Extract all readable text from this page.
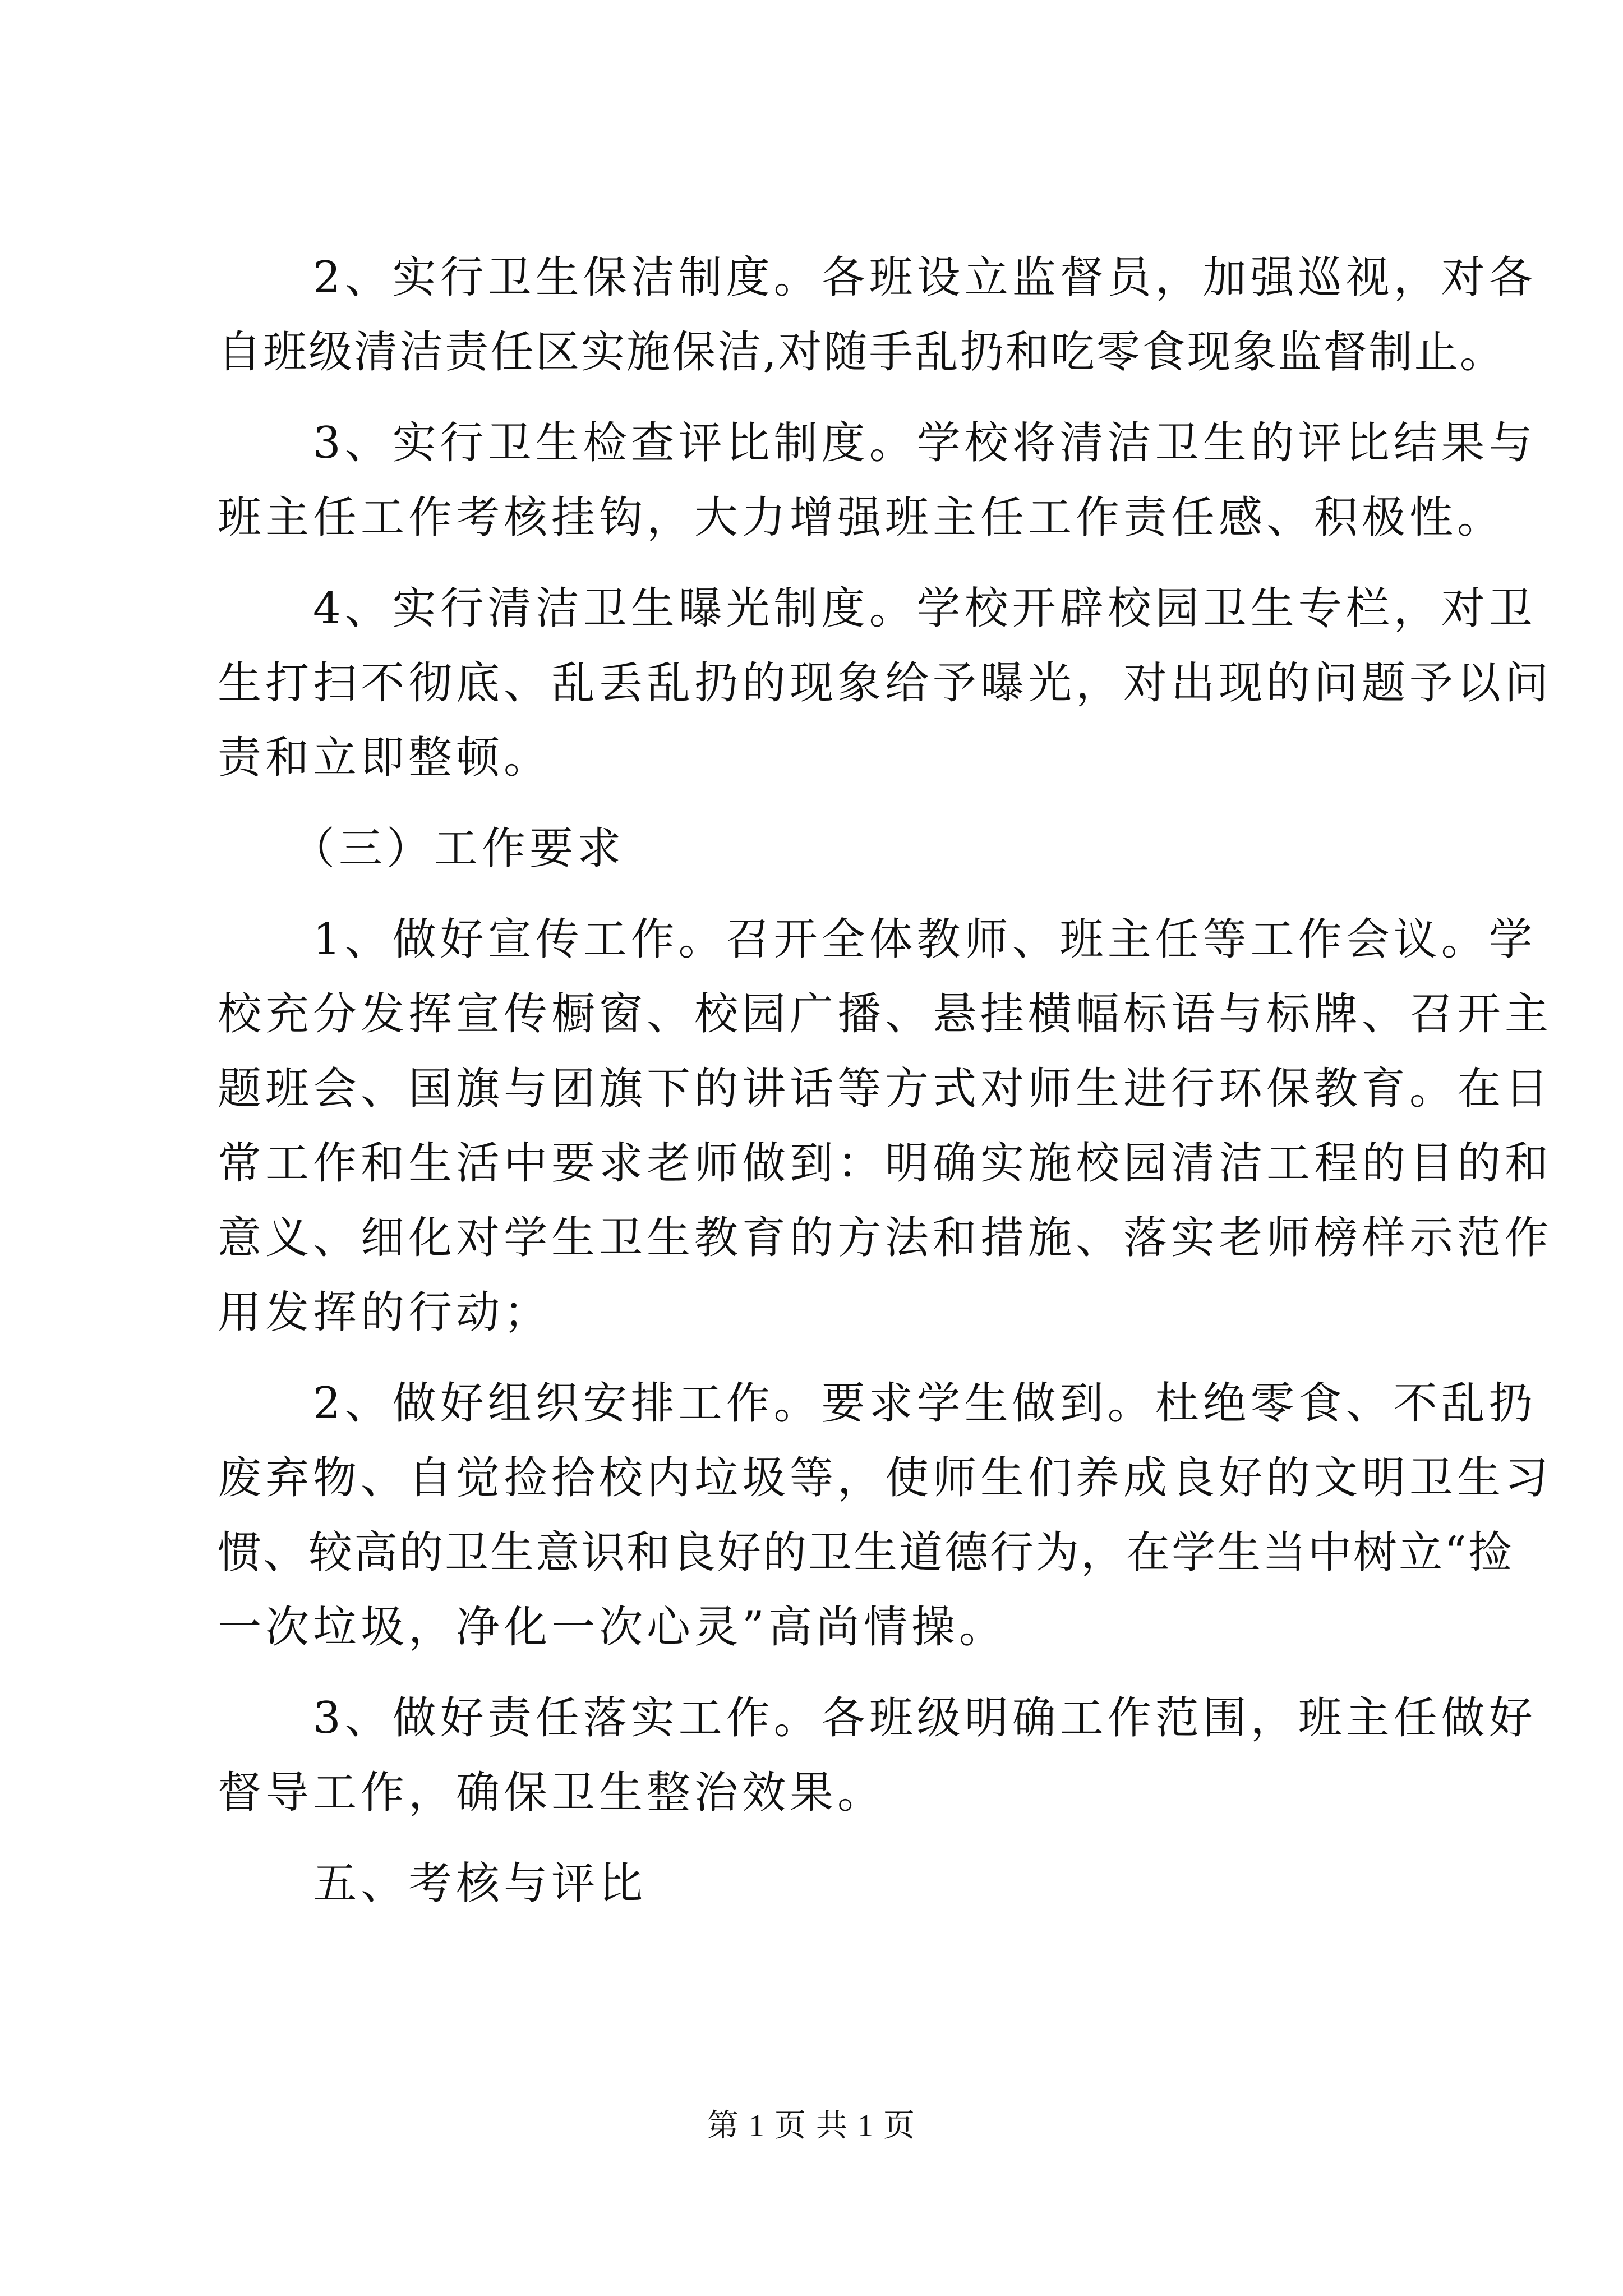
　　2、实行卫生保洁制度。各班设立监督员，加强巡视，对各
自班级清洁责任区实施保洁,对随手乱扔和吃零食现象监督制止。
　　3、实行卫生检查评比制度。学校将清洁卫生的评比结果与
班主任工作考核挂钩，大力增强班主任工作责任感、积极性。
　　4、实行清洁卫生曝光制度。学校开辟校园卫生专栏，对卫
生打扫不彻底、乱丢乱扔的现象给予曝光，对出现的问题予以问
责和立即整顿。
　　（三）工作要求
　　1、做好宣传工作。召开全体教师、班主任等工作会议。学
校充分发挥宣传橱窗、校园广播、悬挂横幅标语与标牌、召开主
题班会、国旗与团旗下的讲话等方式对师生进行环保教育。在日
常工作和生活中要求老师做到：明确实施校园清洁工程的目的和
意义、细化对学生卫生教育的方法和措施、落实老师榜样示范作
用发挥的行动；
　　2、做好组织安排工作。要求学生做到。杜绝零食、不乱扔
废弃物、自觉捡拾校内垃圾等，使师生们养成良好的文明卫生习
惯、较高的卫生意识和良好的卫生道德行为，在学生当中树立“捡
一次垃圾，净化一次心灵”高尚情操。
　　3、做好责任落实工作。各班级明确工作范围，班主任做好
督导工作，确保卫生整治效果。
　　五、考核与评比
第 1 页 共 1 页
